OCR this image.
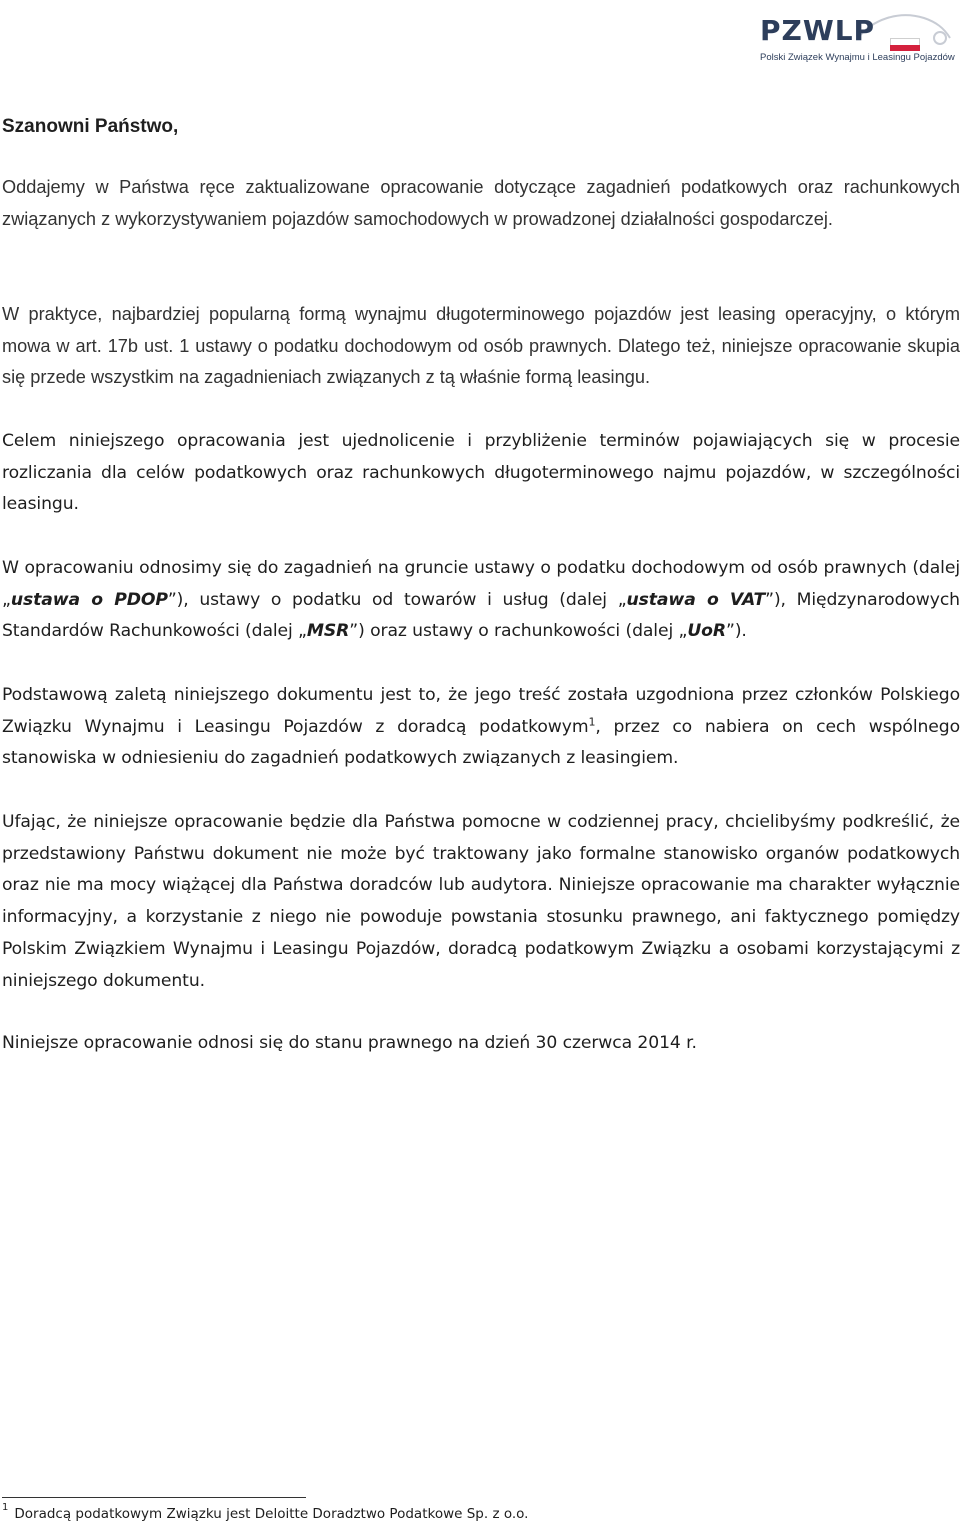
PZWLP
Polski Związek Wynajmu i Leasingu Pojazdów
Szanowni Państwo,

Oddajemy w Państwa ręce zaktualizowane opracowanie dotyczące zagadnień podatkowych oraz rachunkowych związanych z wykorzystywaniem pojazdów samochodowych w prowadzonej działalności gospodarczej.

W praktyce, najbardziej popularną formą wynajmu długoterminowego pojazdów jest leasing operacyjny, o którym mowa w art. 17b ust. 1 ustawy o podatku dochodowym od osób prawnych. Dlatego też, niniejsze opracowanie skupia się przede wszystkim na zagadnieniach związanych z tą właśnie formą leasingu.

Celem niniejszego opracowania jest ujednolicenie i przybliżenie terminów pojawiających się w procesie rozliczania dla celów podatkowych oraz rachunkowych długoterminowego najmu pojazdów, w szczególności leasingu.

W opracowaniu odnosimy się do zagadnień na gruncie ustawy o podatku dochodowym od osób prawnych (dalej „ustawa o PDOP”), ustawy o podatku od towarów i usług (dalej „ustawa o VAT”), Międzynarodowych Standardów Rachunkowości (dalej „MSR”) oraz ustawy o rachunkowości (dalej „UoR”).

Podstawową zaletą niniejszego dokumentu jest to, że jego treść została uzgodniona przez członków Polskiego Związku Wynajmu i Leasingu Pojazdów z doradcą podatkowym$^1$, przez co nabiera on cech wspólnego stanowiska w odniesieniu do zagadnień podatkowych związanych z leasingiem.

Ufając, że niniejsze opracowanie będzie dla Państwa pomocne w codziennej pracy, chcielibyśmy podkreślić, że przedstawiony Państwu dokument nie może być traktowany jako formalne stanowisko organów podatkowych oraz nie ma mocy wiążącej dla Państwa doradców lub audytora. Niniejsze opracowanie ma charakter wyłącznie informacyjny, a korzystanie z niego nie powoduje powstania stosunku prawnego, ani faktycznego pomiędzy Polskim Związkiem Wynajmu i Leasingu Pojazdów, doradcą podatkowym Związku a osobami korzystającymi z niniejszego dokumentu.

Niniejsze opracowanie odnosi się do stanu prawnego na dzień 30 czerwca 2014 r.

$^1$ Doradcą podatkowym Związku jest Deloitte Doradztwo Podatkowe Sp. z o.o.
